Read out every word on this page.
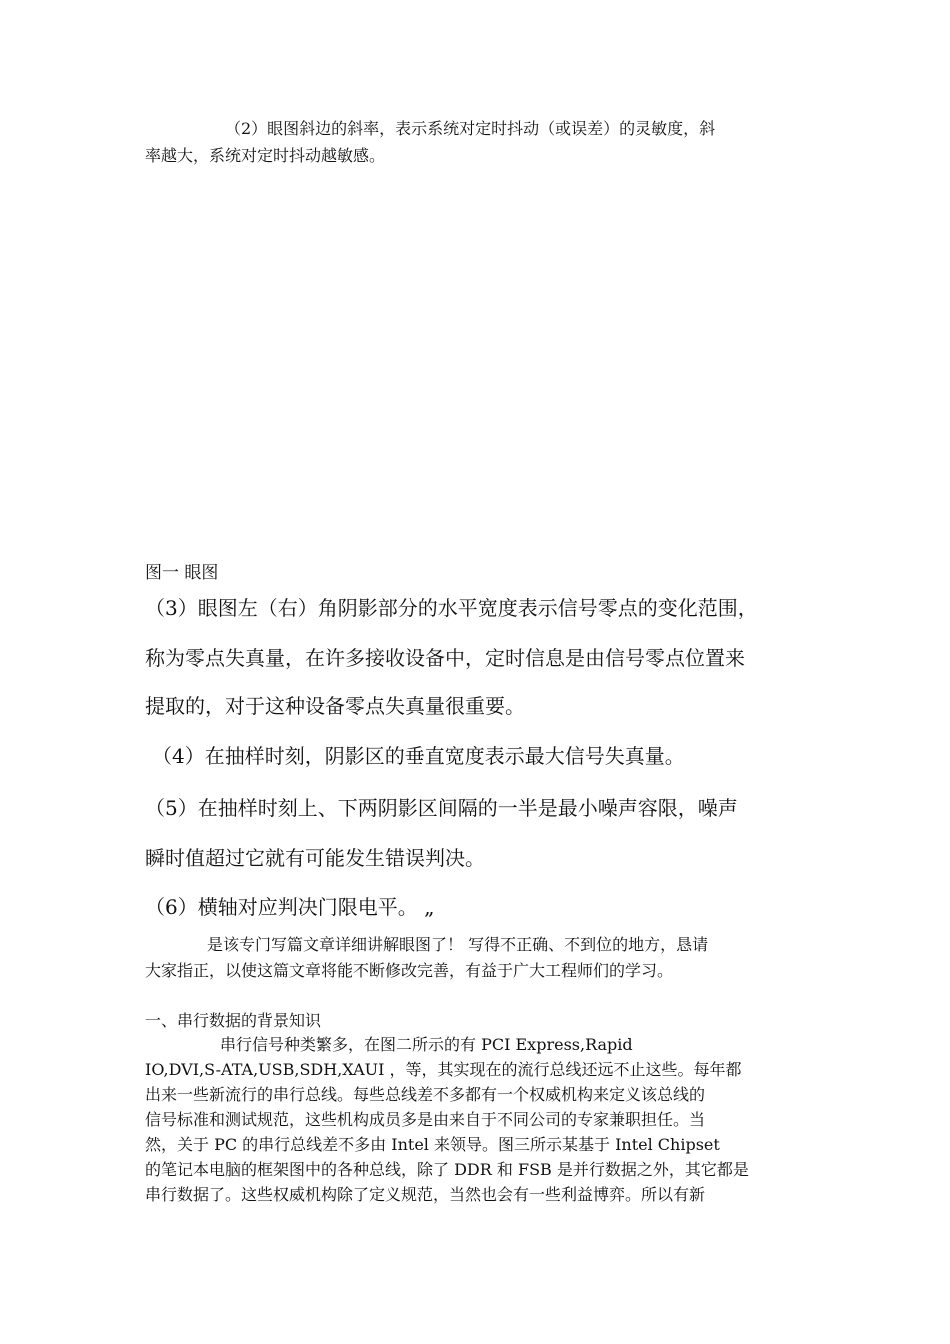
（2）眼图斜边的斜率，表示系统对定时抖动（或误差）的灵敏度，斜

率越大，系统对定时抖动越敏感。

图一 眼图

（3）眼图左（右）角阴影部分的水平宽度表示信号零点的变化范围，

称为零点失真量，在许多接收设备中，定时信息是由信号零点位置来

提取的，对于这种设备零点失真量很重要。

（4）在抽样时刻，阴影区的垂直宽度表示最大信号失真量。

（5）在抽样时刻上、下两阴影区间隔的一半是最小噪声容限，噪声

瞬时值超过它就有可能发生错误判决。

（6）横轴对应判决门限电平。 „

是该专门写篇文章详细讲解眼图了！ 写得不正确、不到位的地方，恳请

大家指正，以使这篇文章将能不断修改完善，有益于广大工程师们的学习。

一、串行数据的背景知识

串行信号种类繁多，在图二所示的有 PCI Express,Rapid

IO,DVI,S-ATA,USB,SDH,XAUI ，等，其实现在的流行总线还远不止这些。每年都

出来一些新流行的串行总线。每些总线差不多都有一个权威机构来定义该总线的

信号标准和测试规范，这些机构成员多是由来自于不同公司的专家兼职担任。当

然，关于 PC 的串行总线差不多由 Intel 来领导。图三所示某基于 Intel Chipset

的笔记本电脑的框架图中的各种总线，除了 DDR 和 FSB 是并行数据之外，其它都是

串行数据了。这些权威机构除了定义规范，当然也会有一些利益博弈。所以有新
